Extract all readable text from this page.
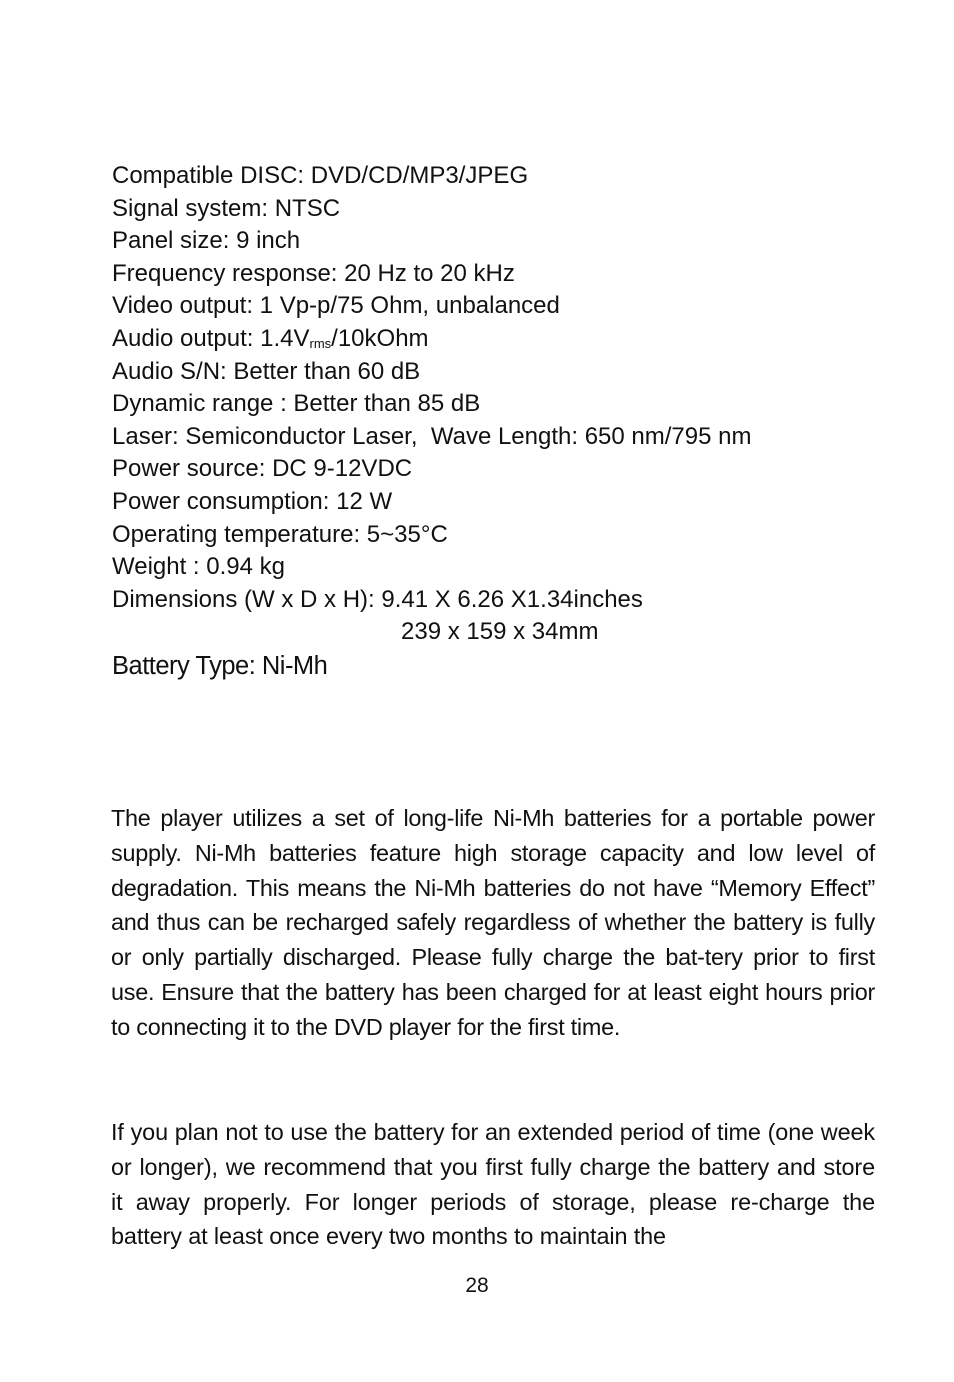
Compatible DISC: DVD/CD/MP3/JPEG
Signal system: NTSC
Panel size: 9 inch
Frequency response: 20 Hz to 20 kHz
Video output: 1 Vp-p/75 Ohm, unbalanced
Audio output: $1.4V_{rms}/10kOhm$
Audio S/N: Better than 60 dB
Dynamic range : Better than 85 dB
Laser: Semiconductor Laser,  Wave Length: 650 nm/795 nm
Power source: DC 9-12VDC
Power consumption: 12 W
Operating temperature: 5~35°C
Weight : 0.94 kg
Dimensions (W x D x H): 9.41 X 6.26 X1.34inches
239 x 159 x 34mm
Battery Type: Ni-Mh

The player utilizes a set of long-life Ni-Mh batteries for a portable power supply. Ni-Mh batteries feature high storage capacity and low level of degradation. This means the Ni-Mh batteries do not have “Memory Effect” and thus can be recharged safely regardless of whether the battery is fully or only partially discharged. Please fully charge the bat-tery prior to first use. Ensure that the battery has been charged for at least eight hours prior to connecting it to the DVD player for the first time.

If you plan not to use the battery for an extended period of time (one week or longer), we recommend that you first fully charge the battery and store it away properly. For longer periods of storage, please re-charge the battery at least once every two months to maintain the

28
